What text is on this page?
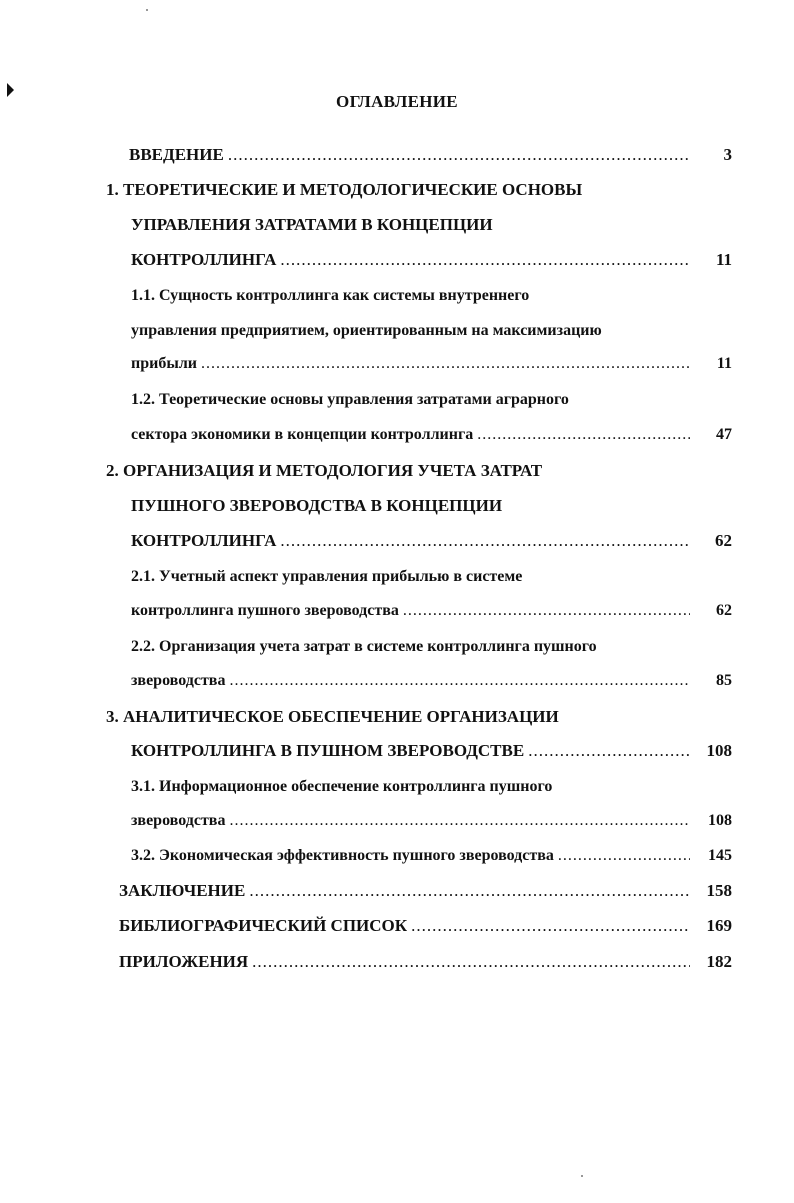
ОГЛАВЛЕНИЕ
ВВЕДЕНИЕ .....	3
1. ТЕОРЕТИЧЕСКИЕ И МЕТОДОЛОГИЧЕСКИЕ ОСНОВЫ
УПРАВЛЕНИЯ ЗАТРАТАМИ В КОНЦЕПЦИИ
КОНТРОЛЛИНГА .....	11
1.1. Сущность контроллинга как системы внутреннего
управления предприятием, ориентированным на максимизацию
прибыли .....	11
1.2. Теоретические основы управления затратами аграрного
сектора экономики в концепции контроллинга .....	47
2. ОРГАНИЗАЦИЯ И МЕТОДОЛОГИЯ УЧЕТА ЗАТРАТ
ПУШНОГО ЗВЕРОВОДСТВА В КОНЦЕПЦИИ
КОНТРОЛЛИНГА .....	62
2.1. Учетный аспект управления прибылью в системе
контроллинга пушного звероводства .....	62
2.2. Организация учета затрат в системе контроллинга пушного
звероводства .....	85
3. АНАЛИТИЧЕСКОЕ ОБЕСПЕЧЕНИЕ ОРГАНИЗАЦИИ
КОНТРОЛЛИНГА В ПУШНОМ ЗВЕРОВОДСТВЕ .....	108
3.1. Информационное обеспечение контроллинга пушного
звероводства .....	108
3.2. Экономическая эффективность пушного звероводства .....	145
ЗАКЛЮЧЕНИЕ .....	158
БИБЛИОГРАФИЧЕСКИЙ СПИСОК .....	169
ПРИЛОЖЕНИЯ .....	182
